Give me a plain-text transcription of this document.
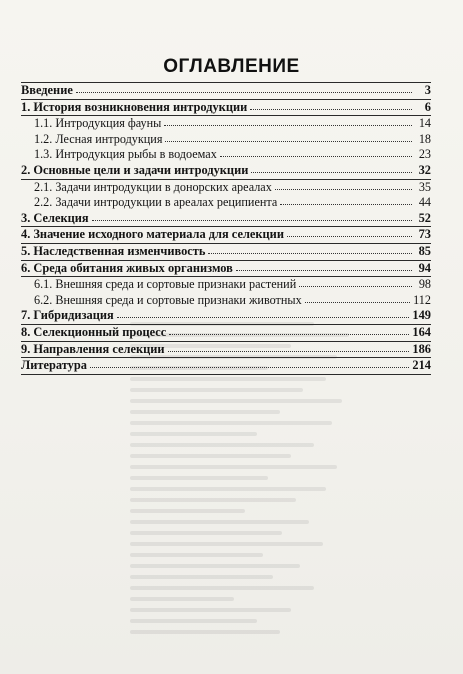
ОГЛАВЛЕНИЕ
Введение	3
1. История возникновения интродукции	6
1.1. Интродукция фауны	14
1.2. Лесная интродукция	18
1.3. Интродукция рыбы в водоемах	23
2. Основные цели и задачи интродукции	32
2.1. Задачи интродукции в донорских ареалах	35
2.2. Задачи интродукции в ареалах реципиента	44
3. Селекция	52
4. Значение исходного материала для селекции	73
5. Наследственная изменчивость	85
6. Среда обитания живых организмов	94
6.1. Внешняя среда и сортовые признаки растений	98
6.2. Внешняя среда и сортовые признаки животных	112
7. Гибридизация	149
8. Селекционный процесс	164
9. Направления селекции	186
Литература	214
